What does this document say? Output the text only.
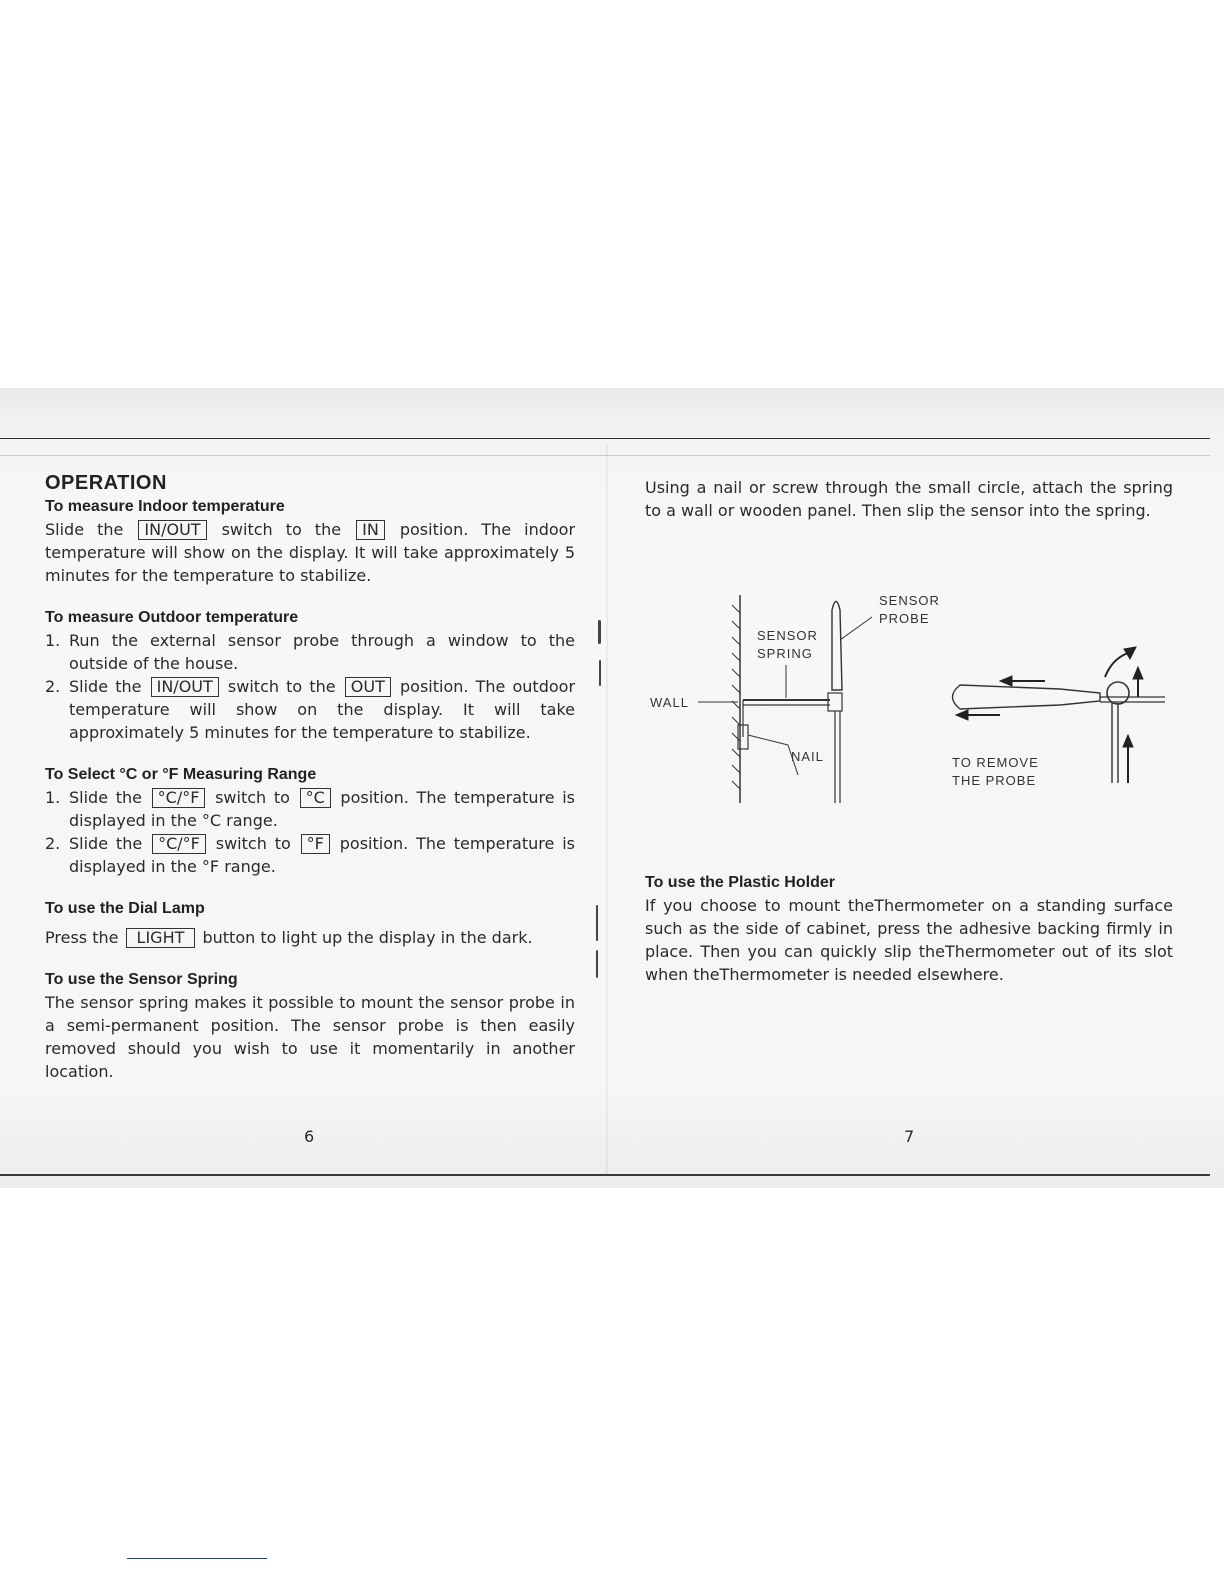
OPERATION
To measure Indoor temperature

Slide the IN/OUT switch to the IN position. The indoor temperature will show on the display. It will take approximately 5 minutes for the temperature to stabilize.

To measure Outdoor temperature
1. Run the external sensor probe through a window to the outside of the house.
2. Slide the IN/OUT switch to the OUT position. The outdoor temperature will show on the display. It will take approximately 5 minutes for the temperature to stabilize.
To Select °C or °F Measuring Range
1. Slide the °C/°F switch to °C position. The temperature is displayed in the °C range.
2. Slide the °C/°F switch to °F position. The temperature is displayed in the °F range.
To use the Dial Lamp

Press the LIGHT button to light up the display in the dark.

To use the Sensor Spring

The sensor spring makes it possible to mount the sensor probe in a semi-permanent position. The sensor probe is then easily removed should you wish to use it momentarily in another location.

6

Using a nail or screw through the small circle, attach the spring to a wall or wooden panel. Then slip the sensor into the spring.

SENSOR
PROBE
SENSOR
SPRING
WALL
NAIL	TO REMOVE
THE PROBE
To use the Plastic Holder

If you choose to mount theThermometer on a standing surface such as the side of cabinet, press the adhesive backing firmly in place. Then you can quickly slip theThermometer out of its slot when theThermometer is needed elsewhere.

7
